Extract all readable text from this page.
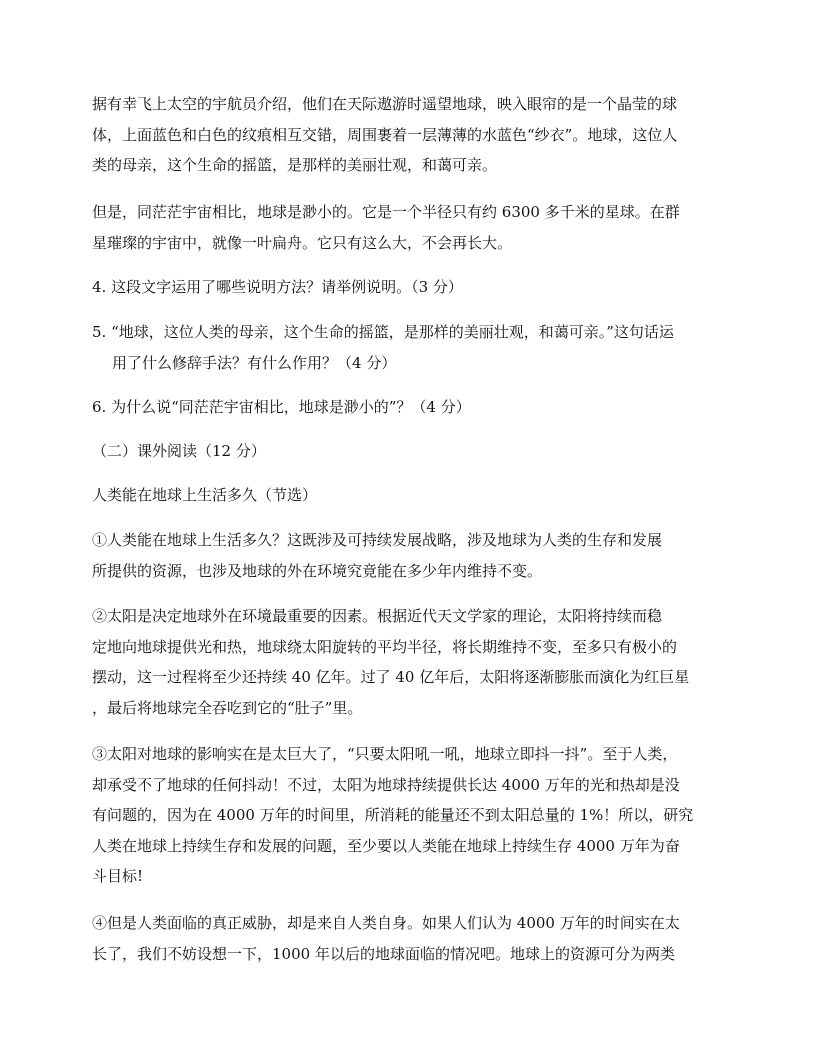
据有幸飞上太空的宇航员介绍，他们在天际遨游时遥望地球，映入眼帘的是一个晶莹的球
体，上面蓝色和白色的纹痕相互交错，周围裹着一层薄薄的水蓝色“纱衣”。地球，这位人
类的母亲，这个生命的摇篮，是那样的美丽壮观，和蔼可亲。

但是，同茫茫宇宙相比，地球是渺小的。它是一个半径只有约 6300 多千米的星球。在群
星璀璨的宇宙中，就像一叶扁舟。它只有这么大，不会再长大。

4. 这段文字运用了哪些说明方法？请举例说明。（3 分）

5. “地球，这位人类的母亲，这个生命的摇篮，是那样的美丽壮观，和蔼可亲。”这句话运
用了什么修辞手法？有什么作用？（4 分）

6. 为什么说“同茫茫宇宙相比，地球是渺小的”？（4 分）

（二）课外阅读（12 分）

人类能在地球上生活多久（节选）

①人类能在地球上生活多久？这既涉及可持续发展战略，涉及地球为人类的生存和发展
所提供的资源，也涉及地球的外在环境究竟能在多少年内维持不变。

②太阳是决定地球外在环境最重要的因素。根据近代天文学家的理论，太阳将持续而稳
定地向地球提供光和热，地球绕太阳旋转的平均半径，将长期维持不变，至多只有极小的
摆动，这一过程将至少还持续 40 亿年。过了 40 亿年后，太阳将逐渐膨胀而演化为红巨星
，最后将地球完全吞吃到它的“肚子”里。

③太阳对地球的影响实在是太巨大了，“只要太阳吼一吼，地球立即抖一抖”。至于人类，
却承受不了地球的任何抖动！不过，太阳为地球持续提供长达 4000 万年的光和热却是没
有问题的，因为在 4000 万年的时间里，所消耗的能量还不到太阳总量的 1%！所以，研究
人类在地球上持续生存和发展的问题，至少要以人类能在地球上持续生存 4000 万年为奋
斗目标!

④但是人类面临的真正威胁，却是来自人类自身。如果人们认为 4000 万年的时间实在太
长了，我们不妨设想一下，1000 年以后的地球面临的情况吧。地球上的资源可分为两类
